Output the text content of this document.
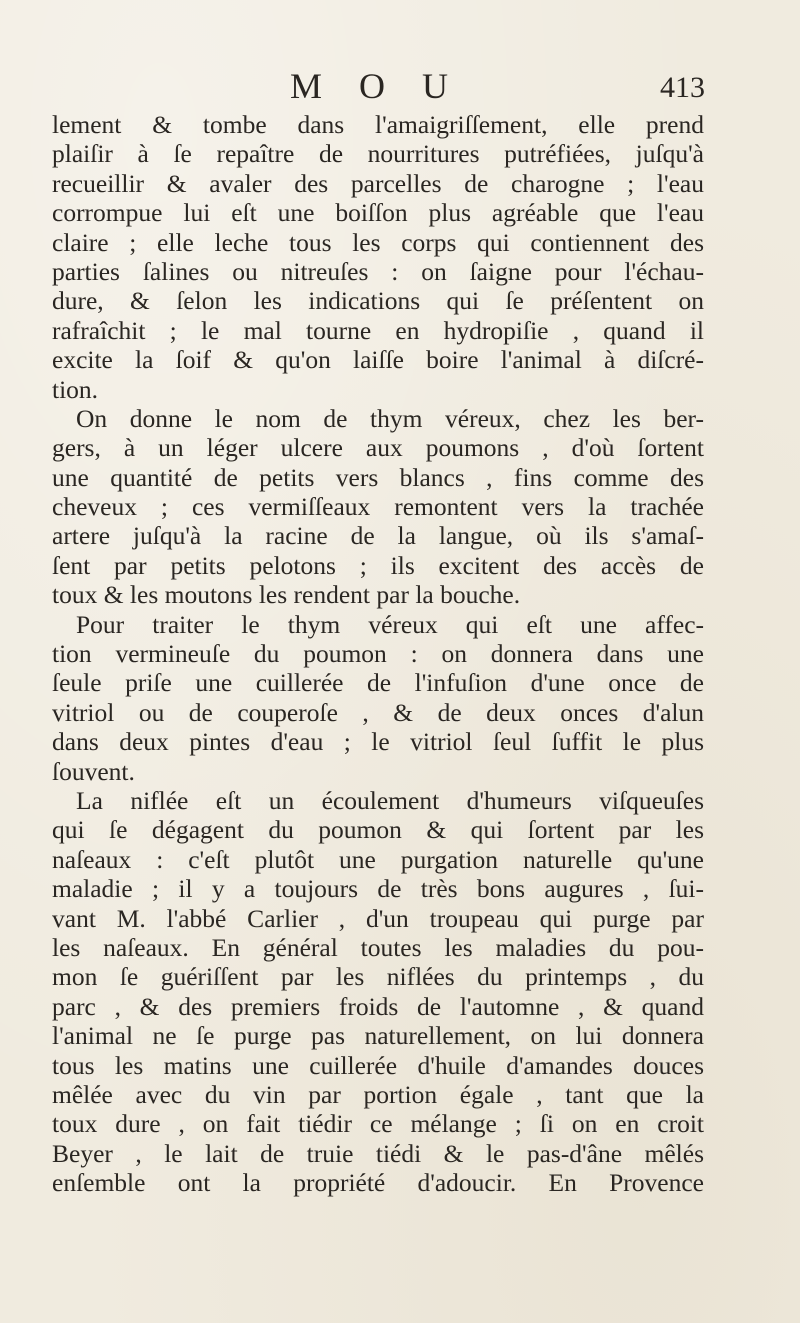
M O U	413
lement & tombe dans l'amaigriſſement, elle prend
plaiſir à ſe repaître de nourritures putréfiées, juſqu'à
recueillir & avaler des parcelles de charogne ; l'eau
corrompue lui eſt une boiſſon plus agréable que l'eau
claire ; elle leche tous les corps qui contiennent des
parties ſalines ou nitreuſes : on ſaigne pour l'échau-
dure, & ſelon les indications qui ſe préſentent on
rafraîchit ; le mal tourne en hydropiſie , quand il
excite la ſoif & qu'on laiſſe boire l'animal à diſcré-
tion.
On donne le nom de thym véreux, chez les ber-
gers, à un léger ulcere aux poumons , d'où ſortent
une quantité de petits vers blancs , fins comme des
cheveux ; ces vermiſſeaux remontent vers la trachée
artere juſqu'à la racine de la langue, où ils s'amaſ-
ſent par petits pelotons ; ils excitent des accès de
toux & les moutons les rendent par la bouche.
Pour traiter le thym véreux qui eſt une affec-
tion vermineuſe du poumon : on donnera dans une
ſeule priſe une cuillerée de l'infuſion d'une once de
vitriol ou de couperoſe , & de deux onces d'alun
dans deux pintes d'eau ; le vitriol ſeul ſuffit le plus
ſouvent.
La niflée eſt un écoulement d'humeurs viſqueuſes
qui ſe dégagent du poumon & qui ſortent par les
naſeaux : c'eſt plutôt une purgation naturelle qu'une
maladie ; il y a toujours de très bons augures , ſui-
vant M. l'abbé Carlier , d'un troupeau qui purge par
les naſeaux. En général toutes les maladies du pou-
mon ſe guériſſent par les niflées du printemps , du
parc , & des premiers froids de l'automne , & quand
l'animal ne ſe purge pas naturellement, on lui donnera
tous les matins une cuillerée d'huile d'amandes douces
mêlée avec du vin par portion égale , tant que la
toux dure , on fait tiédir ce mélange ; ſi on en croit
Beyer , le lait de truie tiédi & le pas-d'âne mêlés
enſemble ont la propriété d'adoucir. En Provence
